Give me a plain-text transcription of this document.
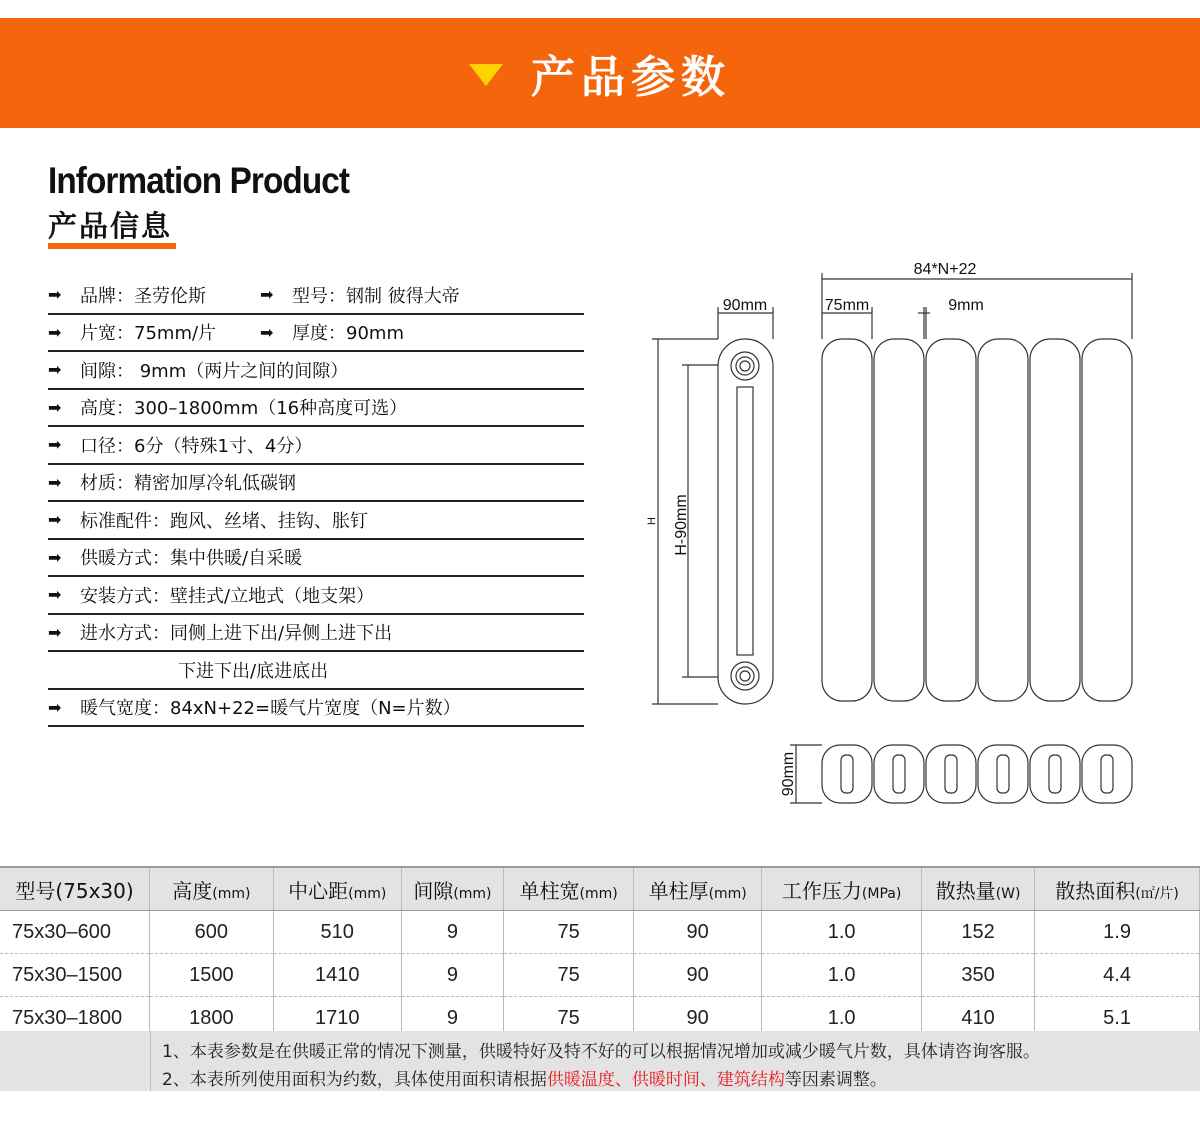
产品参数
Information Product
产品信息
➡	品牌：圣劳伦斯	➡	型号：钢制 彼得大帝
➡	片宽：75mm/片	➡	厚度：90mm
➡	间隙： 9mm（两片之间的间隙）
➡	高度：300–1800mm（16种高度可选）
➡	口径：6分（特殊1寸、4分）
➡	材质：精密加厚冷轧低碳钢
➡	标准配件：跑风、丝堵、挂钩、胀钉
➡	供暖方式：集中供暖/自采暖
➡	安装方式：壁挂式/立地式（地支架）
➡	进水方式：同侧上进下出/异侧上进下出
下进下出/底进底出
➡	暖气宽度：84xN+22=暖气片宽度（N=片数）
84*N+22
90mm	75mm	9mm
H-90mm
H
90mm
型号(75x30)	高度(mm)	中心距(mm)	间隙(mm)	单柱宽(mm)	单柱厚(mm)	工作压力(MPa)	散热量(W)	散热面积(㎡/片)
75x30–600	600	510	9	75	90	1.0	152	1.9
75x30–1500	1500	1410	9	75	90	1.0	350	4.4
75x30–1800	1800	1710	9	75	90	1.0	410	5.1
1、本表参数是在供暖正常的情况下测量，供暖特好及特不好的可以根据情况增加或减少暖气片数，具体请咨询客服。
2、本表所列使用面积为约数，具体使用面积请根据供暖温度、供暖时间、建筑结构等因素调整。
